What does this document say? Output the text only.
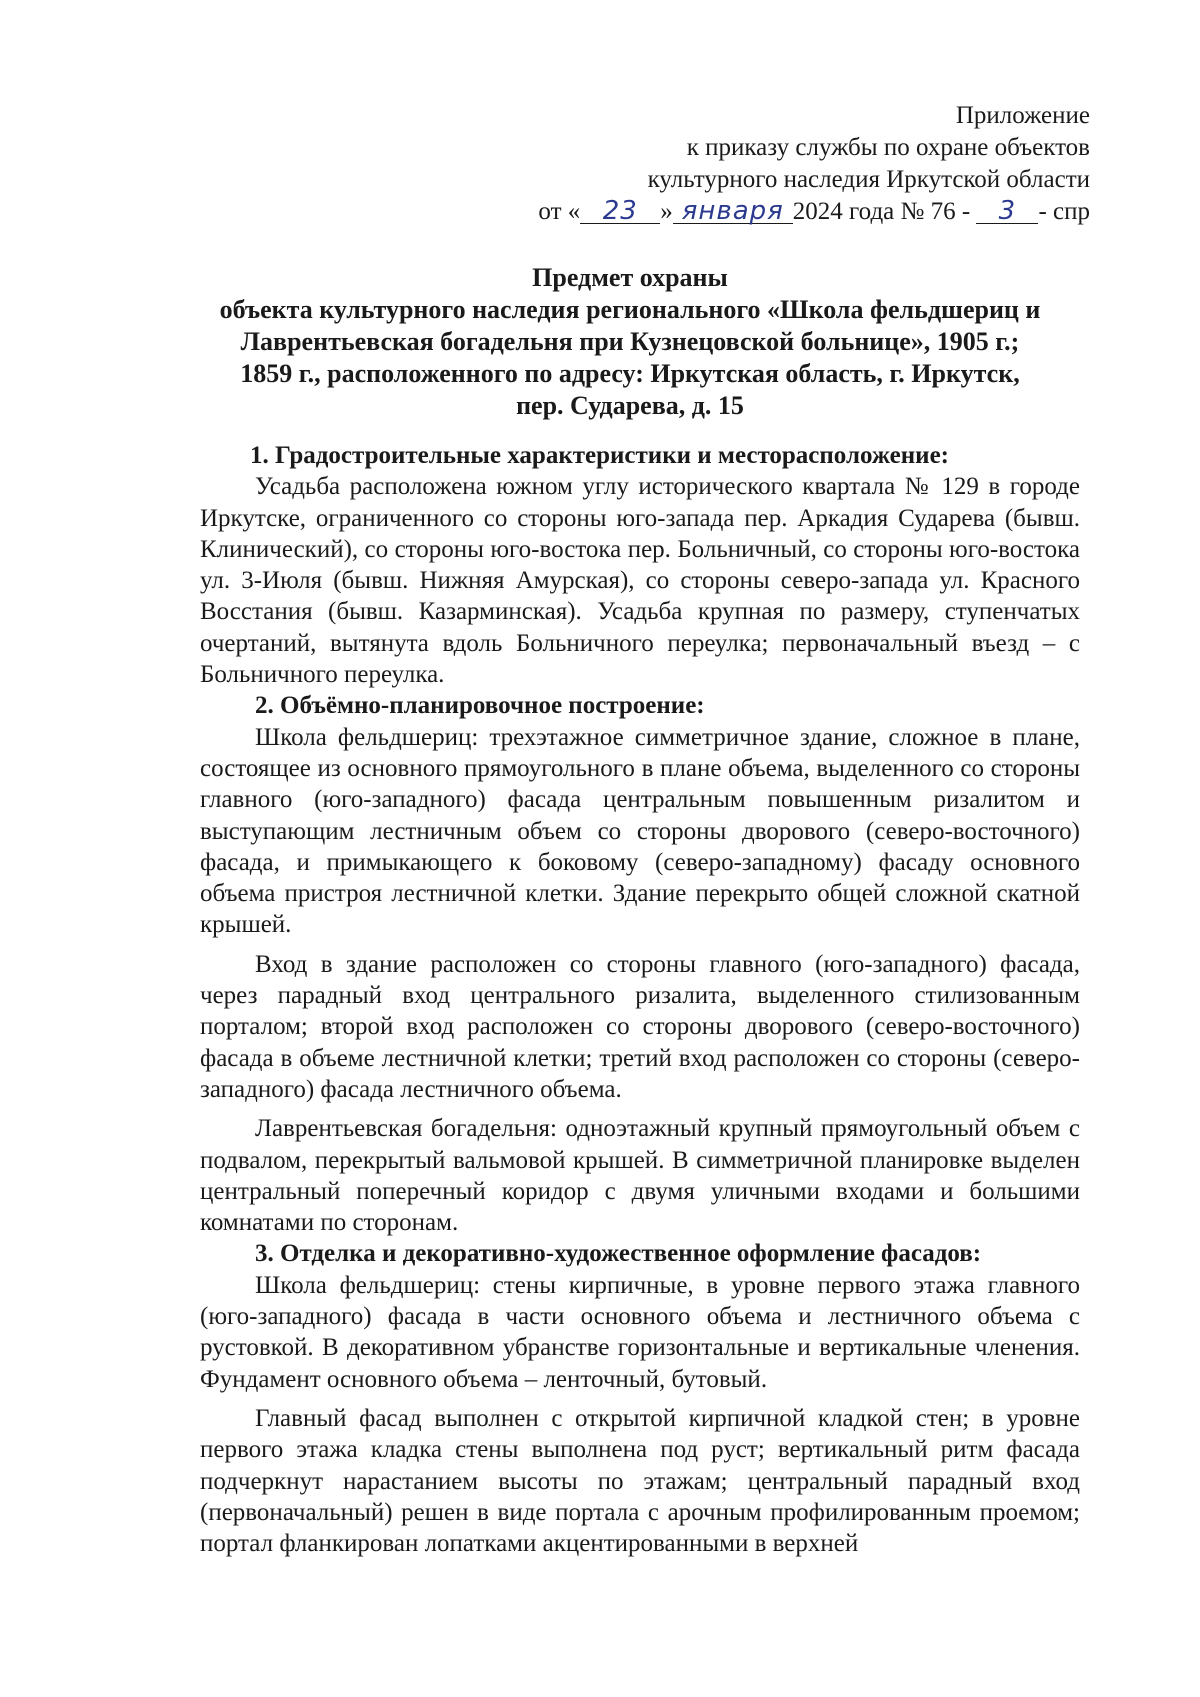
Приложение
к приказу службы по охране объектов
культурного наследия Иркутской области
от « 23 » января 2024 года № 76 - 3 - спр
Предмет охраны
объекта культурного наследия регионального «Школа фельдшериц и
Лаврентьевская богадельня при Кузнецовской больнице», 1905 г.;
1859 г., расположенного по адресу: Иркутская область, г. Иркутск,
пер. Сударева, д. 15
1. Градостроительные характеристики и месторасположение:

Усадьба расположена южном углу исторического квартала № 129 в городе Иркутске, ограниченного со стороны юго-запада пер. Аркадия Сударева (бывш. Клинический), со стороны юго-востока пер. Больничный, со стороны юго-востока ул. 3-Июля (бывш. Нижняя Амурская), со стороны северо-запада ул. Красного Восстания (бывш. Казарминская). Усадьба крупная по размеру, ступенчатых очертаний, вытянута вдоль Больничного переулка; первоначальный въезд – с Больничного переулка.

2. Объёмно-планировочное построение:

Школа фельдшериц: трехэтажное симметричное здание, сложное в плане, состоящее из основного прямоугольного в плане объема, выделенного со стороны главного (юго-западного) фасада центральным повышенным ризалитом и выступающим лестничным объем со стороны дворового (северо-восточного) фасада, и примыкающего к боковому (северо-западному) фасаду основного объема пристроя лестничной клетки. Здание перекрыто общей сложной скатной крышей.

Вход в здание расположен со стороны главного (юго-западного) фасада, через парадный вход центрального ризалита, выделенного стилизованным порталом; второй вход расположен со стороны дворового (северо-восточного) фасада в объеме лестничной клетки; третий вход расположен со стороны (северо-западного) фасада лестничного объема.

Лаврентьевская богадельня: одноэтажный крупный прямоугольный объем с подвалом, перекрытый вальмовой крышей. В симметричной планировке выделен центральный поперечный коридор с двумя уличными входами и большими комнатами по сторонам.

3. Отделка и декоративно-художественное оформление фасадов:

Школа фельдшериц: стены кирпичные, в уровне первого этажа главного (юго-западного) фасада в части основного объема и лестничного объема с рустовкой. В декоративном убранстве горизонтальные и вертикальные членения. Фундамент основного объема – ленточный, бутовый.

Главный фасад выполнен с открытой кирпичной кладкой стен; в уровне первого этажа кладка стены выполнена под руст; вертикальный ритм фасада подчеркнут нарастанием высоты по этажам; центральный парадный вход (первоначальный) решен в виде портала с арочным профилированным проемом; портал фланкирован лопатками акцентированными в верхней
